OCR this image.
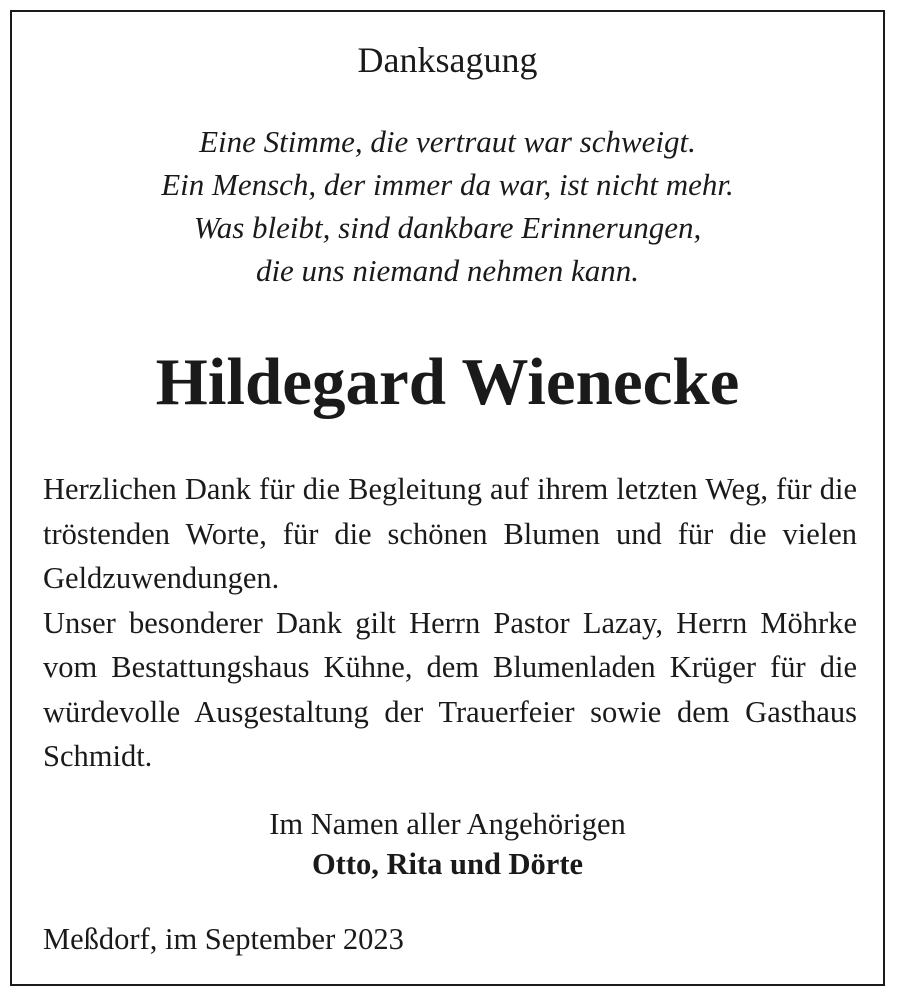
Danksagung
Eine Stimme, die vertraut war schweigt.
Ein Mensch, der immer da war, ist nicht mehr.
Was bleibt, sind dankbare Erinnerungen,
die uns niemand nehmen kann.
Hildegard Wienecke

Herzlichen Dank für die Begleitung auf ihrem letzten Weg, für die tröstenden Worte, für die schönen Blumen und für die vielen Geldzuwendungen.

Unser besonderer Dank gilt Herrn Pastor Lazay, Herrn Möhrke vom Bestattungshaus Kühne, dem Blumenladen Krüger für die würdevolle Ausgestaltung der Trauerfeier sowie dem Gasthaus Schmidt.

Im Namen aller Angehörigen
Otto, Rita und Dörte
Meßdorf, im September 2023
